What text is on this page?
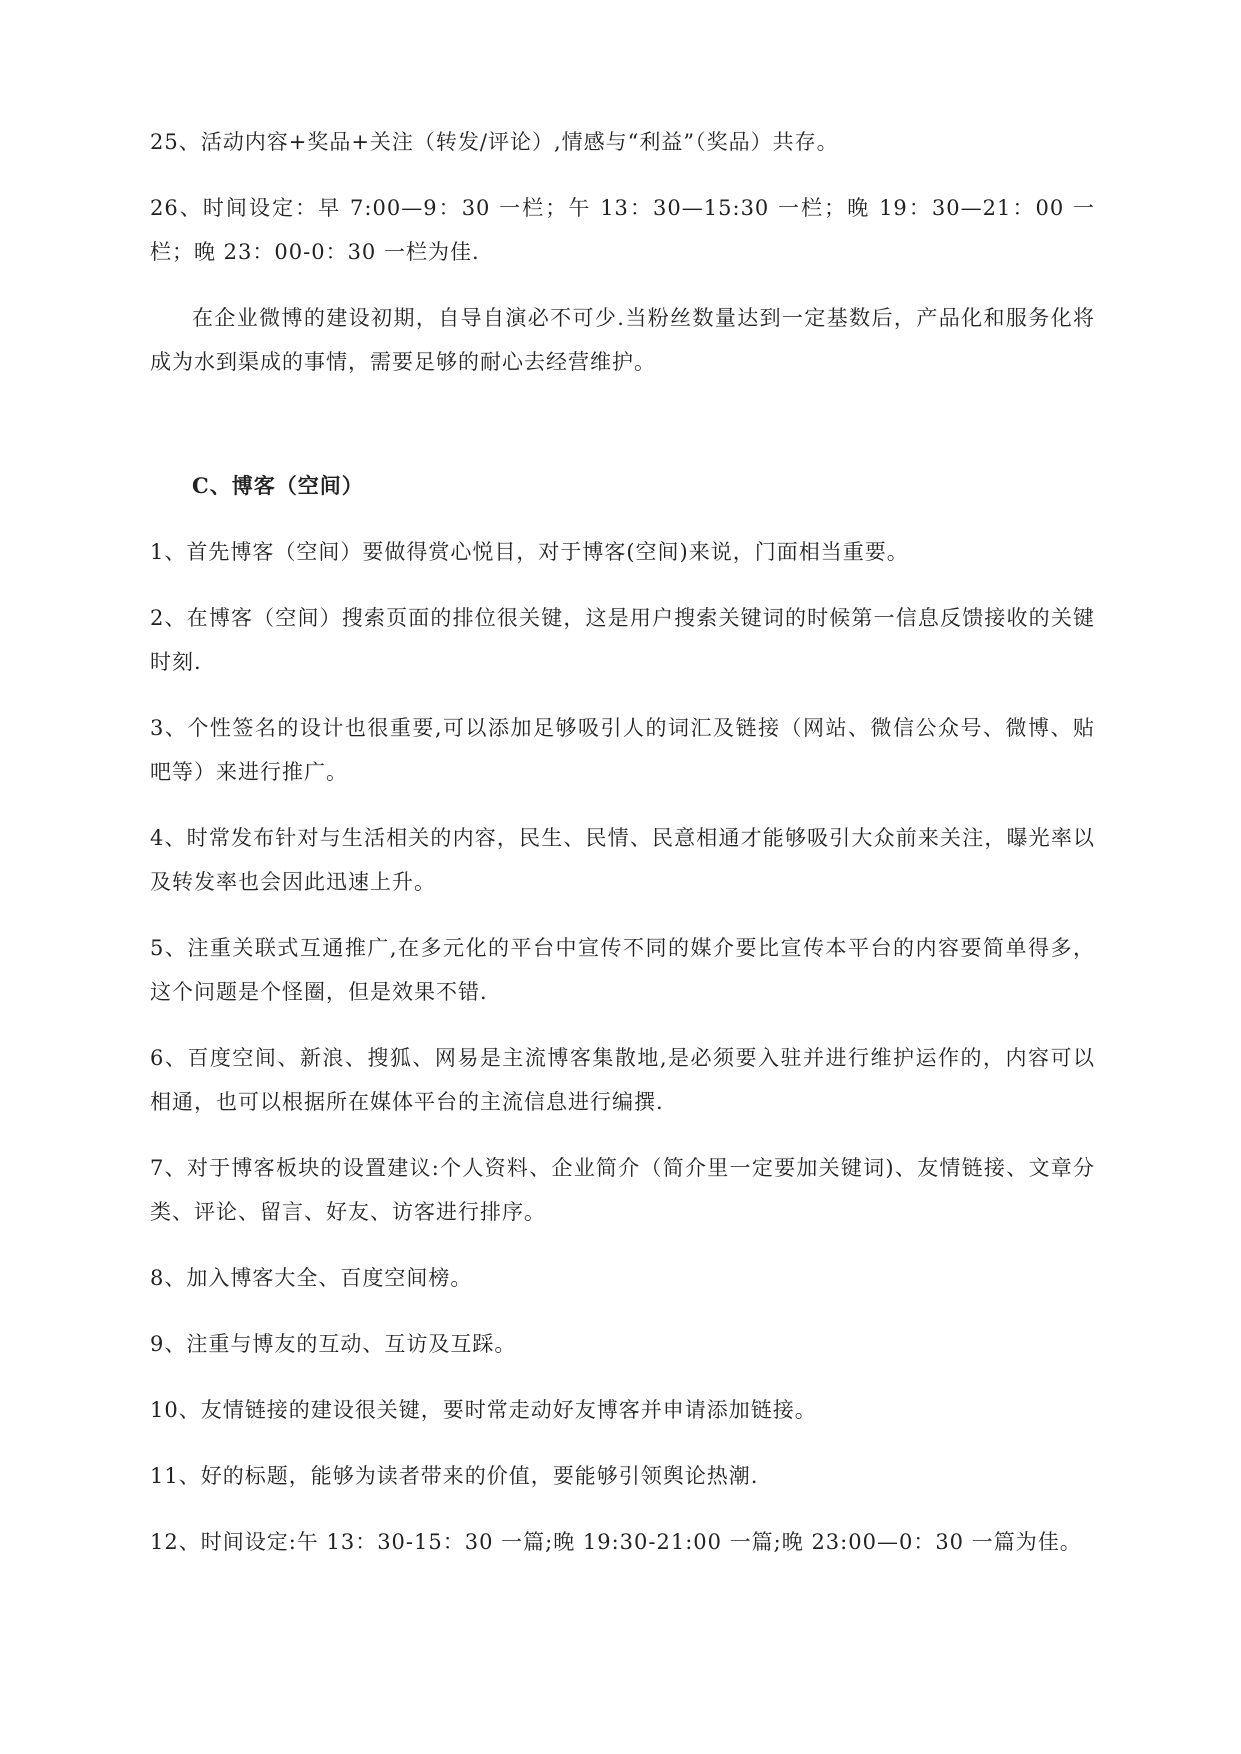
25、活动内容+奖品+关注（转发/评论）,情感与“利益”（奖品）共存。

26、时间设定：早 7:00—9：30 一栏；午 13：30—15:30 一栏；晚 19：30—21：00 一栏；晚 23：00-0：30 一栏为佳.

在企业微博的建设初期，自导自演必不可少.当粉丝数量达到一定基数后，产品化和服务化将成为水到渠成的事情，需要足够的耐心去经营维护。

C、博客（空间）

1、首先博客（空间）要做得赏心悦目，对于博客(空间)来说，门面相当重要。

2、在博客（空间）搜索页面的排位很关键，这是用户搜索关键词的时候第一信息反馈接收的关键时刻.

3、个性签名的设计也很重要,可以添加足够吸引人的词汇及链接（网站、微信公众号、微博、贴吧等）来进行推广。

4、时常发布针对与生活相关的内容，民生、民情、民意相通才能够吸引大众前来关注，曝光率以及转发率也会因此迅速上升。

5、注重关联式互通推广,在多元化的平台中宣传不同的媒介要比宣传本平台的内容要简单得多，这个问题是个怪圈，但是效果不错.

6、百度空间、新浪、搜狐、网易是主流博客集散地,是必须要入驻并进行维护运作的，内容可以相通，也可以根据所在媒体平台的主流信息进行编撰.

7、对于博客板块的设置建议:个人资料、企业简介（简介里一定要加关键词)、友情链接、文章分类、评论、留言、好友、访客进行排序。

8、加入博客大全、百度空间榜。

9、注重与博友的互动、互访及互踩。

10、友情链接的建设很关键，要时常走动好友博客并申请添加链接。

11、好的标题，能够为读者带来的价值，要能够引领舆论热潮.

12、时间设定:午 13：30-15：30 一篇;晚 19:30-21:00 一篇;晚 23:00—0：30 一篇为佳。
